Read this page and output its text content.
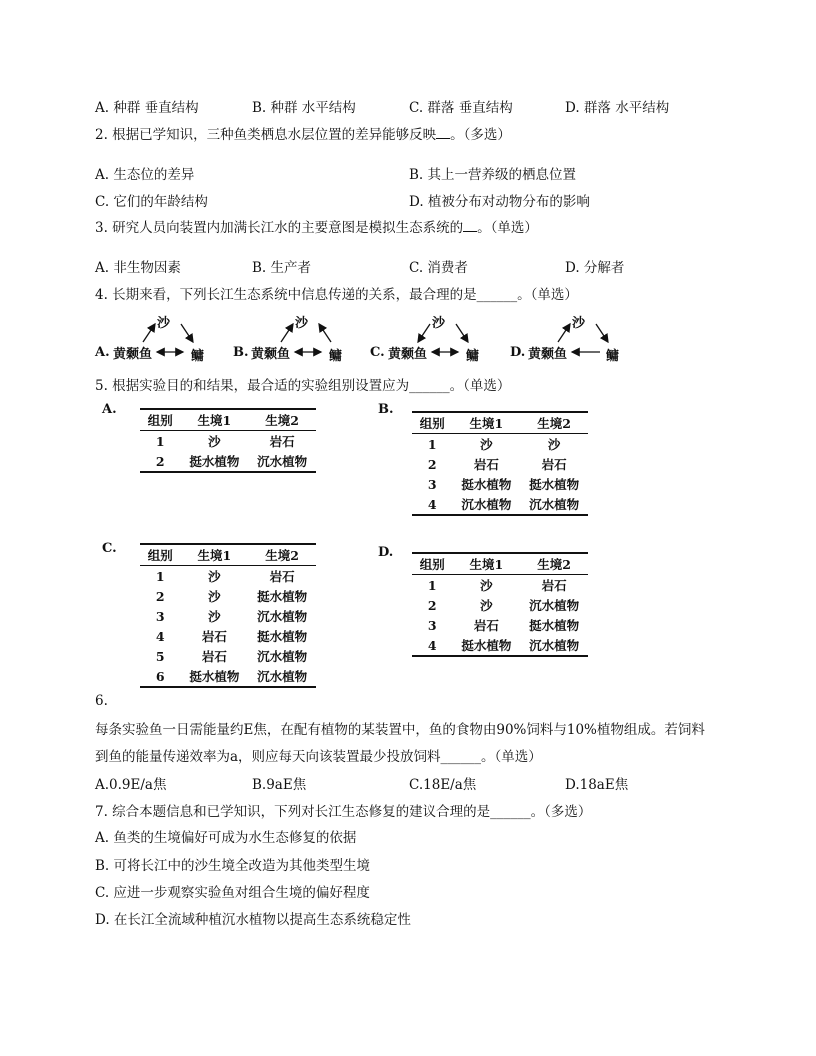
A. 种群 垂直结构	B. 种群 水平结构	C. 群落 垂直结构	D. 群落 水平结构
2. 根据已学知识，三种鱼类栖息水层位置的差异能够反映 。（多选）
A. 生态位的差异	B. 其上一营养级的栖息位置
C. 它们的年龄结构	D. 植被分布对动物分布的影响
3. 研究人员向装置内加满长江水的主要意图是模拟生态系统的 。（单选）
A. 非生物因素	B. 生产者	C. 消费者	D. 分解者
4. 长期来看，下列长江生态系统中信息传递的关系，最合理的是______。（单选）
沙
A. 黄颡鱼	鳙
沙
B. 黄颡鱼	鳙
沙
C. 黄颡鱼	鳙
沙
D. 黄颡鱼	鳙
5. 根据实验目的和结果，最合适的实验组别设置应为______。（单选）
A.
组别	生境1	生境2
1	沙	岩石
2	挺水植物	沉水植物
B.
组别	生境1	生境2
1	沙	沙
2	岩石	岩石
3	挺水植物	挺水植物
4	沉水植物	沉水植物
C. 组别	生境1	生境2
1	沙	岩石
2	沙	挺水植物
3	沙	沉水植物
4	岩石	挺水植物
5	岩石	沉水植物
6	挺水植物	沉水植物
D.
组别	生境1	生境2
1	沙	岩石
2	沙	沉水植物
3	岩石	挺水植物
4	挺水植物	沉水植物
6.
每条实验鱼一日需能量约E焦，在配有植物的某装置中，鱼的食物由90%饲料与10%植物组成。若饲料
到鱼的能量传递效率为a，则应每天向该装置最少投放饲料______。（单选）
A.0.9E/a焦	B.9aE焦	C.18E/a焦	D.18aE焦
7. 综合本题信息和已学知识，下列对长江生态修复的建议合理的是______。（多选）
A. 鱼类的生境偏好可成为水生态修复的依据
B. 可将长江中的沙生境全改造为其他类型生境
C. 应进一步观察实验鱼对组合生境的偏好程度
D. 在长江全流域种植沉水植物以提高生态系统稳定性
